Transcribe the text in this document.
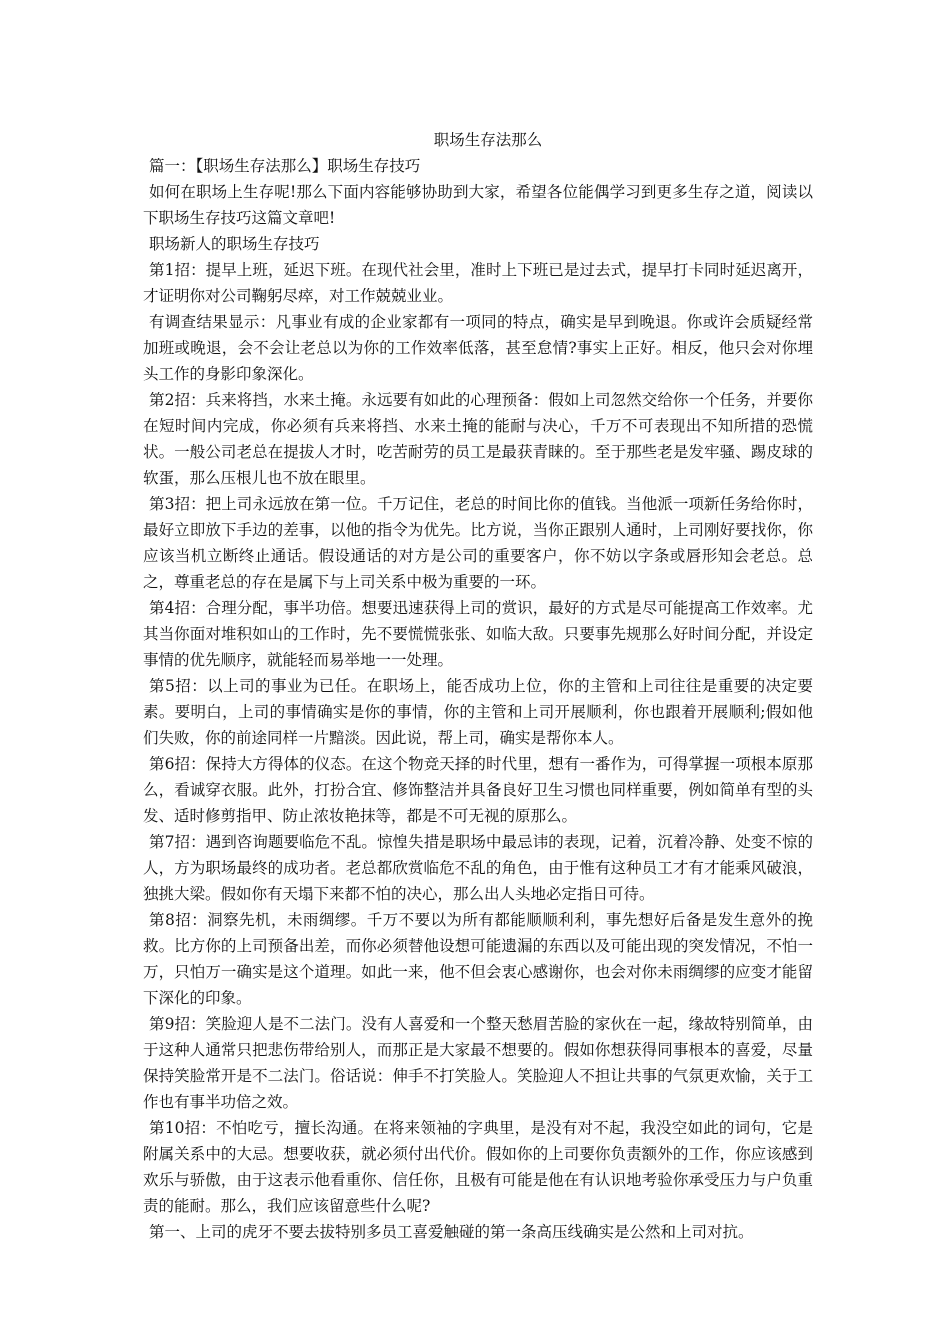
职场生存法那么

篇一：【职场生存法那么】职场生存技巧

如何在职场上生存呢!那么下面内容能够协助到大家，希望各位能偶学习到更多生存之道，阅读以下职场生存技巧这篇文章吧!

职场新人的职场生存技巧

第1招：提早上班，延迟下班。在现代社会里，准时上下班已是过去式，提早打卡同时延迟离开，才证明你对公司鞠躬尽瘁，对工作兢兢业业。

有调查结果显示：凡事业有成的企业家都有一项同的特点，确实是早到晚退。你或许会质疑经常加班或晚退，会不会让老总以为你的工作效率低落，甚至怠情?事实上正好。相反，他只会对你埋头工作的身影印象深化。

第2招：兵来将挡，水来土掩。永远要有如此的心理预备：假如上司忽然交给你一个任务，并要你在短时间内完成，你必须有兵来将挡、水来土掩的能耐与决心，千万不可表现出不知所措的恐慌状。一般公司老总在提拔人才时，吃苦耐劳的员工是最获青睐的。至于那些老是发牢骚、踢皮球的软蛋，那么压根儿也不放在眼里。

第3招：把上司永远放在第一位。千万记住，老总的时间比你的值钱。当他派一项新任务给你时，最好立即放下手边的差事，以他的指令为优先。比方说，当你正跟别人通时，上司刚好要找你，你应该当机立断终止通话。假设通话的对方是公司的重要客户，你不妨以字条或唇形知会老总。总之，尊重老总的存在是属下与上司关系中极为重要的一环。

第4招：合理分配，事半功倍。想要迅速获得上司的赏识，最好的方式是尽可能提高工作效率。尤其当你面对堆积如山的工作时，先不要慌慌张张、如临大敌。只要事先规那么好时间分配，并设定事情的优先顺序，就能轻而易举地一一处理。

第5招：以上司的事业为已任。在职场上，能否成功上位，你的主管和上司往往是重要的决定要素。要明白，上司的事情确实是你的事情，你的主管和上司开展顺利，你也跟着开展顺利;假如他们失败，你的前途同样一片黯淡。因此说，帮上司，确实是帮你本人。

第6招：保持大方得体的仪态。在这个物竞天择的时代里，想有一番作为，可得掌握一项根本原那么，看诚穿衣服。此外，打扮合宜、修饰整洁并具备良好卫生习惯也同样重要，例如简单有型的头发、适时修剪指甲、防止浓妆艳抹等，都是不可无视的原那么。

第7招：遇到咨询题要临危不乱。惊惶失措是职场中最忌讳的表现，记着，沉着冷静、处变不惊的人，方为职场最终的成功者。老总都欣赏临危不乱的角色，由于惟有这种员工才有才能乘风破浪，独挑大梁。假如你有天塌下来都不怕的决心，那么出人头地必定指日可待。

第8招：洞察先机，未雨绸缪。千万不要以为所有都能顺顺利利，事先想好后备是发生意外的挽救。比方你的上司预备出差，而你必须替他设想可能遗漏的东西以及可能出现的突发情况，不怕一万，只怕万一确实是这个道理。如此一来，他不但会衷心感谢你，也会对你未雨绸缪的应变才能留下深化的印象。

第9招：笑脸迎人是不二法门。没有人喜爱和一个整天愁眉苦脸的家伙在一起，缘故特别简单，由于这种人通常只把悲伤带给别人，而那正是大家最不想要的。假如你想获得同事根本的喜爱，尽量保持笑脸常开是不二法门。俗话说：伸手不打笑脸人。笑脸迎人不担让共事的气氛更欢愉，关于工作也有事半功倍之效。

第10招：不怕吃亏，擅长沟通。在将来领袖的字典里，是没有对不起，我没空如此的词句，它是附属关系中的大忌。想要收获，就必须付出代价。假如你的上司要你负责额外的工作，你应该感到欢乐与骄傲，由于这表示他看重你、信任你，且极有可能是他在有认识地考验你承受压力与户负重责的能耐。那么，我们应该留意些什么呢?

第一、上司的虎牙不要去拔特别多员工喜爱触碰的第一条高压线确实是公然和上司对抗。
